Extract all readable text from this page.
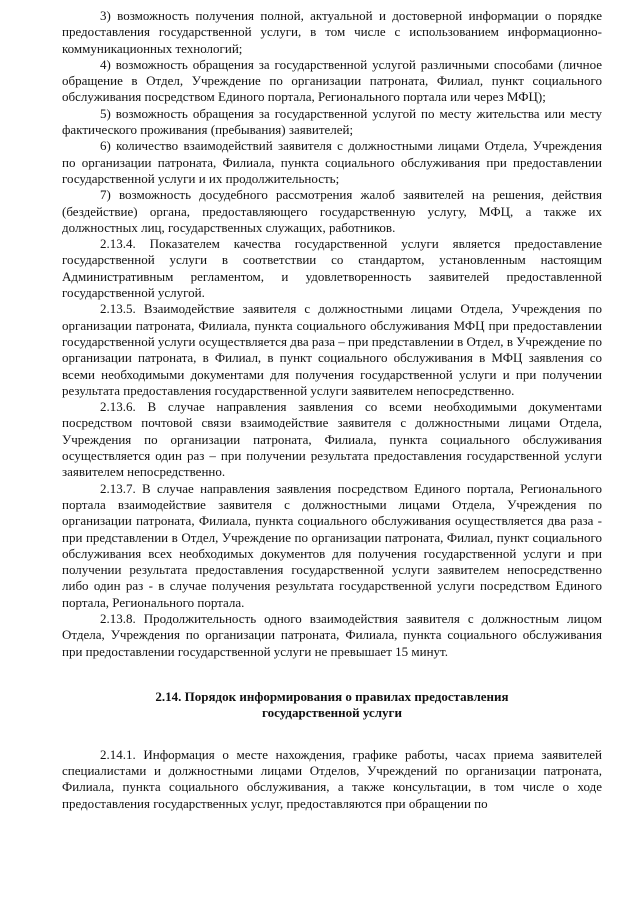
3) возможность получения полной, актуальной и достоверной информации о порядке предоставления государственной услуги, в том числе с использованием информационно-коммуникационных технологий;

4) возможность обращения за государственной услугой различными способами (личное обращение в Отдел, Учреждение по организации патроната, Филиал, пункт социального обслуживания посредством Единого портала, Регионального портала или через МФЦ);

5) возможность обращения за государственной услугой по месту жительства или месту фактического проживания (пребывания) заявителей;

6) количество взаимодействий заявителя с должностными лицами Отдела, Учреждения по организации патроната, Филиала, пункта социального обслуживания при предоставлении государственной услуги и их продолжительность;

7) возможность досудебного рассмотрения жалоб заявителей на решения, действия (бездействие) органа, предоставляющего государственную услугу, МФЦ, а также их должностных лиц, государственных служащих, работников.

2.13.4. Показателем качества государственной услуги является предоставление государственной услуги в соответствии со стандартом, установленным настоящим Административным регламентом, и удовлетворенность заявителей предоставленной государственной услугой.

2.13.5. Взаимодействие заявителя с должностными лицами Отдела, Учреждения по организации патроната, Филиала, пункта социального обслуживания МФЦ при предоставлении государственной услуги осуществляется два раза – при представлении в Отдел, в Учреждение по организации патроната, в Филиал, в пункт социального обслуживания в МФЦ заявления со всеми необходимыми документами для получения государственной услуги и при получении результата предоставления государственной услуги заявителем непосредственно.

2.13.6. В случае направления заявления со всеми необходимыми документами посредством почтовой связи взаимодействие заявителя с должностными лицами Отдела, Учреждения по организации патроната, Филиала, пункта социального обслуживания осуществляется один раз – при получении результата предоставления государственной услуги заявителем непосредственно.

2.13.7. В случае направления заявления посредством Единого портала, Регионального портала взаимодействие заявителя с должностными лицами Отдела, Учреждения по организации патроната, Филиала, пункта социального обслуживания осуществляется два раза - при представлении в Отдел, Учреждение по организации патроната, Филиал, пункт социального обслуживания всех необходимых документов для получения государственной услуги и при получении результата предоставления государственной услуги заявителем непосредственно либо один раз - в случае получения результата государственной услуги посредством Единого портала, Регионального портала.

2.13.8. Продолжительность одного взаимодействия заявителя с должностным лицом Отдела, Учреждения по организации патроната, Филиала, пункта социального обслуживания при предоставлении государственной услуги не превышает 15 минут.

2.14. Порядок информирования о правилах предоставления
государственной услуги

2.14.1. Информация о месте нахождения, графике работы, часах приема заявителей специалистами и должностными лицами Отделов, Учреждений по организации патроната, Филиала, пункта социального обслуживания, а также консультации, в том числе о ходе предоставления государственных услуг, предоставляются при обращении по
